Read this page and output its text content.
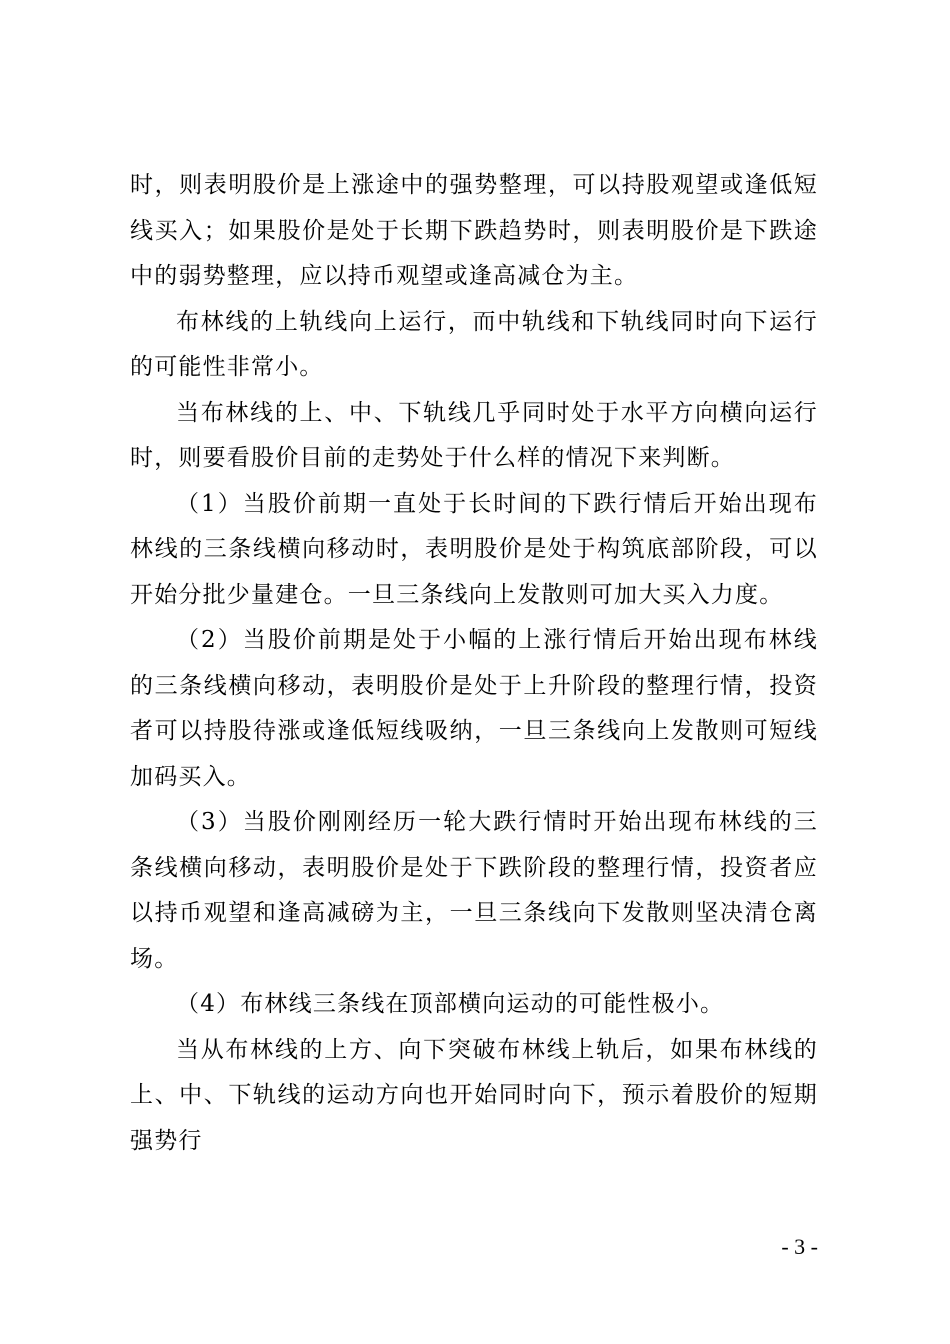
时，则表明股价是上涨途中的强势整理，可以持股观望或逢低短线买入；如果股价是处于长期下跌趋势时，则表明股价是下跌途中的弱势整理，应以持币观望或逢高减仓为主。

布林线的上轨线向上运行，而中轨线和下轨线同时向下运行的可能性非常小。

当布林线的上、中、下轨线几乎同时处于水平方向横向运行时，则要看股价目前的走势处于什么样的情况下来判断。

（1）当股价前期一直处于长时间的下跌行情后开始出现布林线的三条线横向移动时，表明股价是处于构筑底部阶段，可以开始分批少量建仓。一旦三条线向上发散则可加大买入力度。

（2）当股价前期是处于小幅的上涨行情后开始出现布林线的三条线横向移动，表明股价是处于上升阶段的整理行情，投资者可以持股待涨或逢低短线吸纳，一旦三条线向上发散则可短线加码买入。

（3）当股价刚刚经历一轮大跌行情时开始出现布林线的三条线横向移动，表明股价是处于下跌阶段的整理行情，投资者应以持币观望和逢高减磅为主，一旦三条线向下发散则坚决清仓离场。

（4）布林线三条线在顶部横向运动的可能性极小。

当从布林线的上方、向下突破布林线上轨后，如果布林线的上、中、下轨线的运动方向也开始同时向下，预示着股价的短期强势行

- 3 -
